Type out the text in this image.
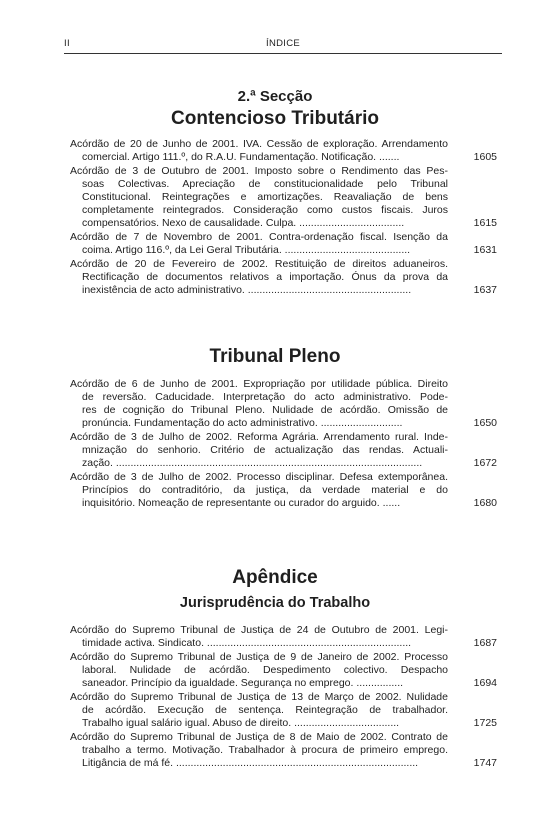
II	ÍNDICE
2.ª Secção
Contencioso Tributário
Acórdão de 20 de Junho de 2001. IVA. Cessão de exploração. Arrendamento
comercial. Artigo 111.º, do R.A.U. Fundamentação. Notificação. .......	1605
Acórdão de 3 de Outubro de 2001. Imposto sobre o Rendimento das Pes-
soas Colectivas. Apreciação de constitucionalidade pelo Tribunal
Constitucional. Reintegrações e amortizações. Reavaliação de bens
completamente reintegrados. Consideração como custos fiscais. Juros
compensatórios. Nexo de causalidade. Culpa. ....................................	1615
Acórdão de 7 de Novembro de 2001. Contra-ordenação fiscal. Isenção da
coima. Artigo 116.º, da Lei Geral Tributária. ...........................................	1631
Acórdão de 20 de Fevereiro de 2002. Restituição de direitos aduaneiros.
Rectificação de documentos relativos a importação. Ónus da prova da
inexistência de acto administrativo. ........................................................	1637
Tribunal Pleno
Acórdão de 6 de Junho de 2001. Expropriação por utilidade pública. Direito
de reversão. Caducidade. Interpretação do acto administrativo. Pode-
res de cognição do Tribunal Pleno. Nulidade de acórdão. Omissão de
pronúncia. Fundamentação do acto administrativo. ............................	1650
Acórdão de 3 de Julho de 2002. Reforma Agrária. Arrendamento rural. Inde-
mnização do senhorio. Critério de actualização das rendas. Actuali-
zação. .........................................................................................................	1672
Acórdão de 3 de Julho de 2002. Processo disciplinar. Defesa extemporânea.
Princípios do contraditório, da justiça, da verdade material e do
inquisitório. Nomeação de representante ou curador do arguido. ......	1680
Apêndice
Jurisprudência do Trabalho
Acórdão do Supremo Tribunal de Justiça de 24 de Outubro de 2001. Legi-
timidade activa. Sindicato. ......................................................................	1687
Acórdão do Supremo Tribunal de Justiça de 9 de Janeiro de 2002. Processo
laboral. Nulidade de acórdão. Despedimento colectivo. Despacho
saneador. Princípio da igualdade. Segurança no emprego. ................	1694
Acórdão do Supremo Tribunal de Justiça de 13 de Março de 2002. Nulidade
de acórdão. Execução de sentença. Reintegração de trabalhador.
Trabalho igual salário igual. Abuso de direito. ....................................	1725
Acórdão do Supremo Tribunal de Justiça de 8 de Maio de 2002. Contrato de
trabalho a termo. Motivação. Trabalhador à procura de primeiro emprego.
Litigância de má fé. ...................................................................................	1747
